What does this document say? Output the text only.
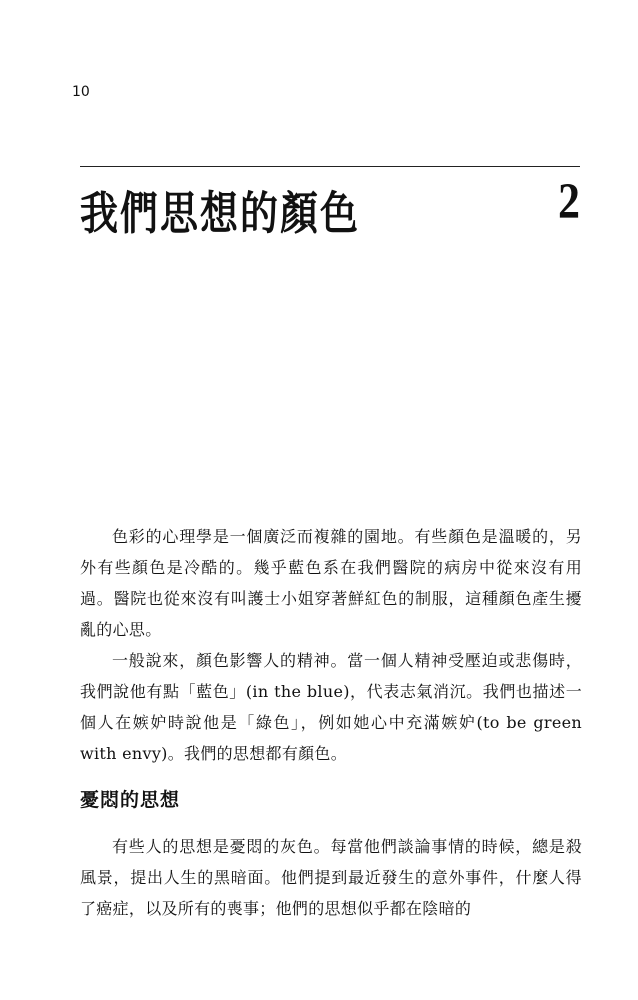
10
我們思想的顏色	2

色彩的心理學是一個廣泛而複雜的園地。有些顏色是溫暖的，另外有些顏色是冷酷的。幾乎藍色系在我們醫院的病房中從來沒有用過。醫院也從來沒有叫護士小姐穿著鮮紅色的制服，這種顏色產生擾亂的心思。

一般說來，顏色影響人的精神。當一個人精神受壓迫或悲傷時，我們說他有點「藍色」(in the blue)，代表志氣消沉。我們也描述一個人在嫉妒時說他是「綠色」，例如她心中充滿嫉妒(to be green with envy)。我們的思想都有顏色。

憂悶的思想

有些人的思想是憂悶的灰色。每當他們談論事情的時候，總是殺風景，提出人生的黑暗面。他們提到最近發生的意外事件，什麼人得了癌症，以及所有的喪事；他們的思想似乎都在陰暗的
